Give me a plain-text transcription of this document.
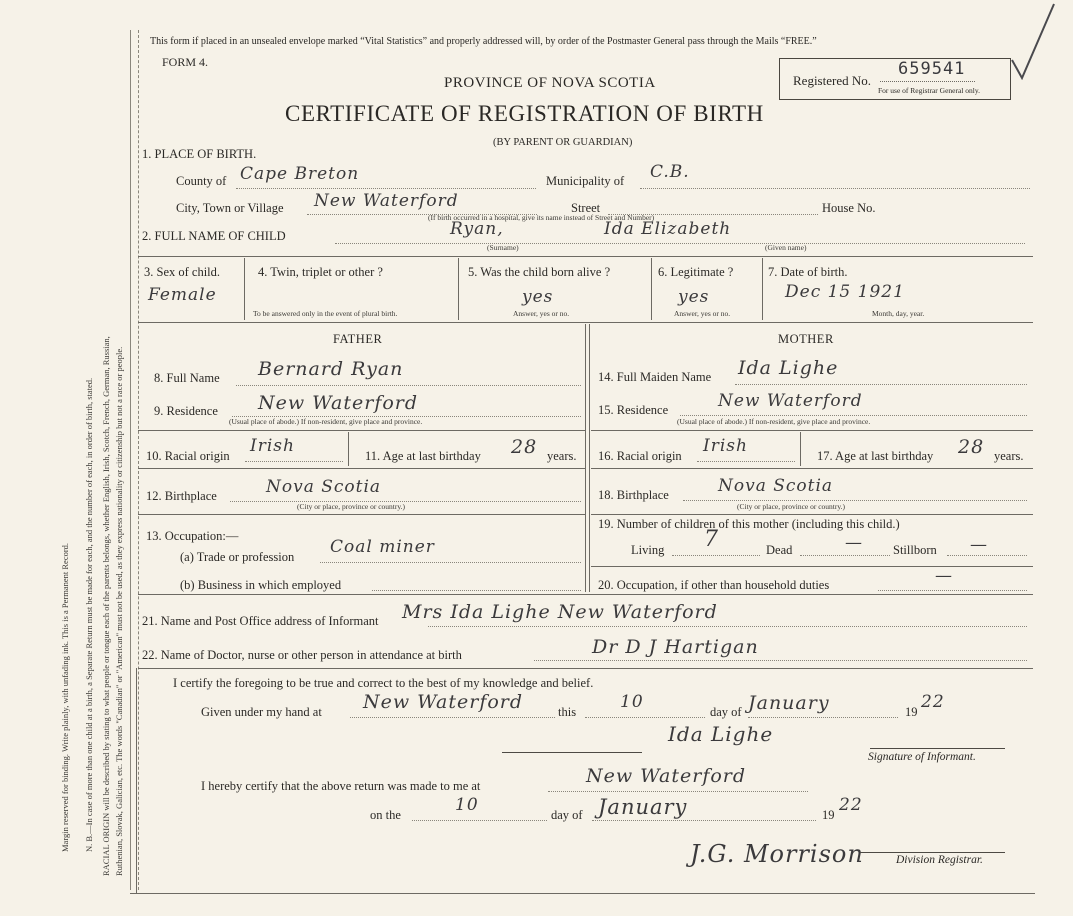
Margin reserved for binding. Write plainly, with unfading ink. This is a Permanent Record. N. B.—In case of more than one child at a birth, a Separate Return must be made for each, and the number of each, in order of birth, stated. RACIAL ORIGIN will be described by stating to what people or tongue each of the parents belongs, whether English, Irish, Scotch, French, German, Russian, Ruthenian, Slovak, Galician, etc. The words "Canadian" or "American" must not be used, as they express nationality or citizenship but not a race or people.
This form if placed in an unsealed envelope marked “Vital Statistics” and properly addressed will, by order of the Postmaster General pass through the Mails “FREE.”
FORM 4.
PROVINCE OF NOVA SCOTIA
CERTIFICATE OF REGISTRATION OF BIRTH
(BY PARENT OR GUARDIAN)
Registered No.
659541
For use of Registrar General only.
1. PLACE OF BIRTH.
County of Cape Breton	Municipality of C.B.
City, Town or Village New Waterford	Street	House No.
(If birth occurred in a hospital, give its name instead of Street and Number)
2. FULL NAME OF CHILD	Ryan,	Ida Elizabeth
(Surname)	(Given name)
3. Sex of child.
Female
4. Twin, triplet or other ?
To be answered only in the event of plural birth.
5. Was the child born alive ?
yes
Answer, yes or no.
6. Legitimate ?
yes
Answer, yes or no.
7. Date of birth.
Dec 15 1921
Month, day, year.
FATHER	MOTHER
8. Full Name Bernard Ryan
9. Residence New Waterford
(Usual place of abode.) If non-resident, give place and province.
10. Racial origin Irish	11. Age at last birthday 28 years.
12. Birthplace	Nova Scotia
(City or place, province or country.)
13. Occupation:—
(a) Trade or profession Coal miner
(b) Business in which employed
14. Full Maiden Name Ida Lighe
15. Residence	New Waterford
(Usual place of abode.) If non-resident, give place and province.
16. Racial origin Irish	17. Age at last birthday 28 years.
18. Birthplace	Nova Scotia
(City or place, province or country.)
19. Number of children of this mother (including this child.)
Living 7	Dead	— Stillborn —
20. Occupation, if other than household duties	—
21. Name and Post Office address of Informant Mrs Ida Lighe New Waterford
22. Name of Doctor, nurse or other person in attendance at birth	Dr D J Hartigan
I certify the foregoing to be true and correct to the best of my knowledge and belief.
Given under my hand at New Waterford	this	10	day of January	19 22
Ida Lighe
Signature of Informant.
I hereby certify that the above return was made to me at	New Waterford
on the	10	day of January	19 22
J.G. Morrison	Division Registrar.
